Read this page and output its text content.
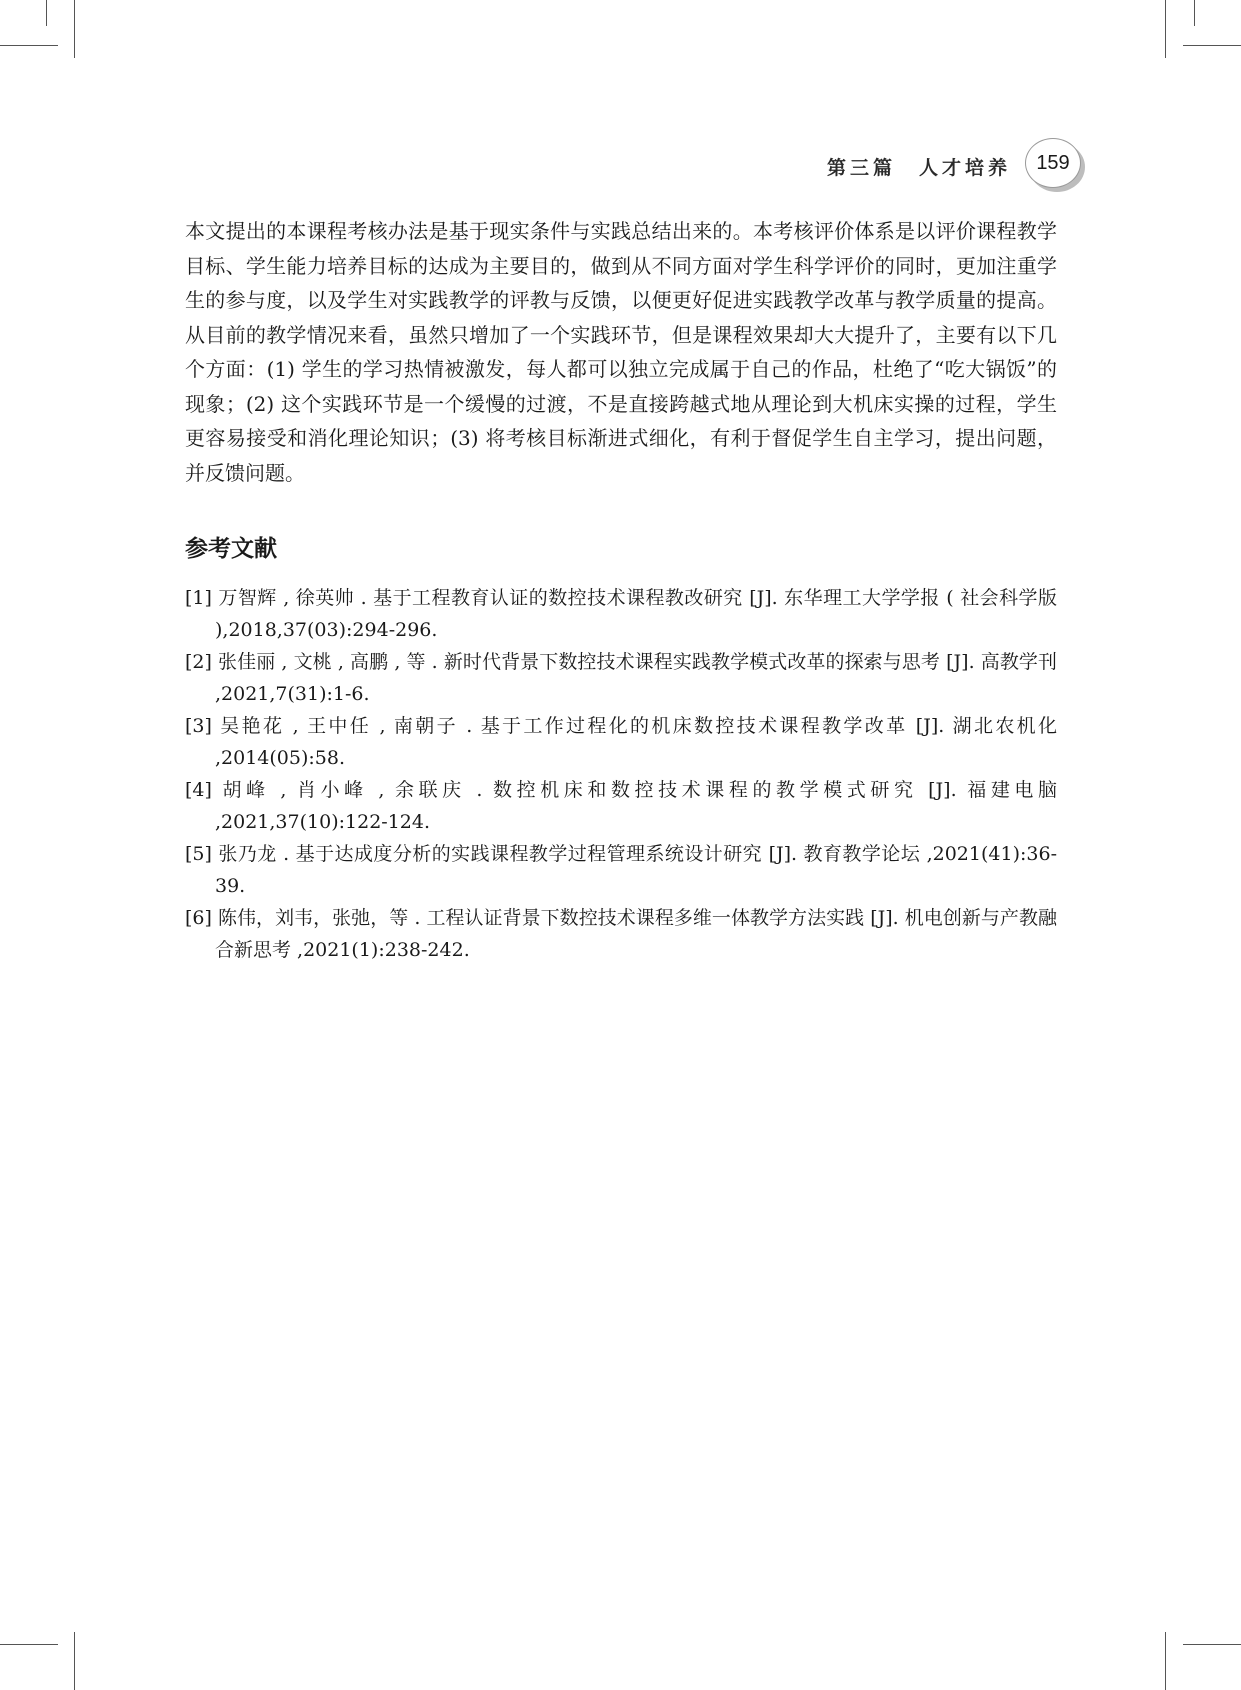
第三篇　人才培养	159

本文提出的本课程考核办法是基于现实条件与实践总结出来的。本考核评价体系是以评价课程教学目标、学生能力培养目标的达成为主要目的，做到从不同方面对学生科学评价的同时，更加注重学生的参与度，以及学生对实践教学的评教与反馈，以便更好促进实践教学改革与教学质量的提高。从目前的教学情况来看，虽然只增加了一个实践环节，但是课程效果却大大提升了，主要有以下几个方面：(1) 学生的学习热情被激发，每人都可以独立完成属于自己的作品，杜绝了“吃大锅饭”的现象；(2) 这个实践环节是一个缓慢的过渡，不是直接跨越式地从理论到大机床实操的过程，学生更容易接受和消化理论知识；(3) 将考核目标渐进式细化，有利于督促学生自主学习，提出问题，并反馈问题。

参考文献
[1] 万智辉 , 徐英帅 . 基于工程教育认证的数控技术课程教改研究 [J]. 东华理工大学学报 ( 社会科学版 ),2018,37(03):294-296.
[2] 张佳丽 , 文桃 , 高鹏 , 等 . 新时代背景下数控技术课程实践教学模式改革的探索与思考 [J]. 高教学刊 ,2021,7(31):1-6.
[3] 吴艳花 , 王中任 , 南朝子 . 基于工作过程化的机床数控技术课程教学改革 [J]. 湖北农机化 ,2014(05):58.
[4] 胡峰 , 肖小峰 , 余联庆 . 数控机床和数控技术课程的教学模式研究 [J]. 福建电脑 ,2021,37(10):122-124.
[5] 张乃龙 . 基于达成度分析的实践课程教学过程管理系统设计研究 [J]. 教育教学论坛 ,2021(41):36-39.
[6] 陈伟，刘韦，张弛，等 . 工程认证背景下数控技术课程多维一体教学方法实践 [J]. 机电创新与产教融合新思考 ,2021(1):238-242.
